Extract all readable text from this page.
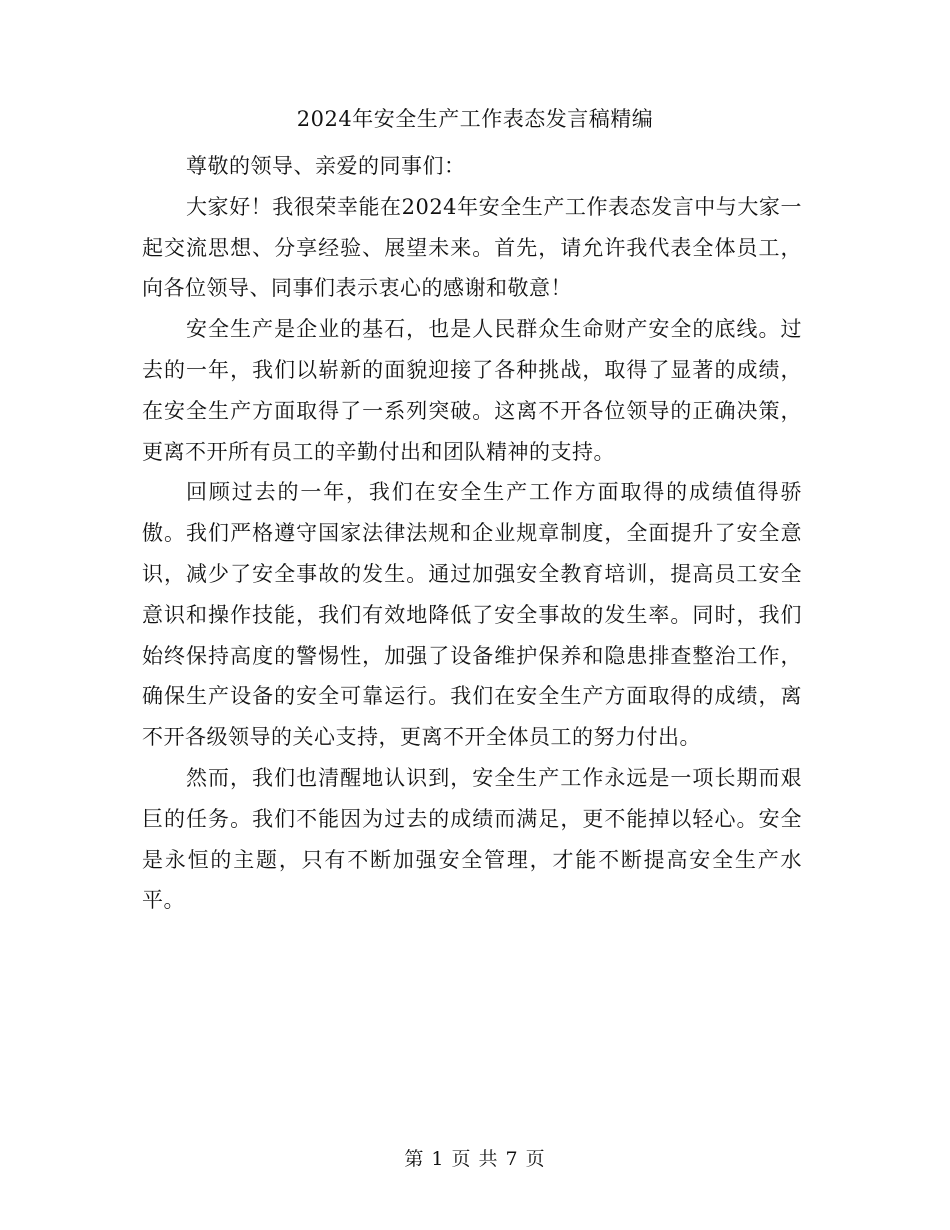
2024年安全生产工作表态发言稿精编

尊敬的领导、亲爱的同事们：

大家好！我很荣幸能在2024年安全生产工作表态发言中与大家一起交流思想、分享经验、展望未来。首先，请允许我代表全体员工，向各位领导、同事们表示衷心的感谢和敬意！

安全生产是企业的基石，也是人民群众生命财产安全的底线。过去的一年，我们以崭新的面貌迎接了各种挑战，取得了显著的成绩，在安全生产方面取得了一系列突破。这离不开各位领导的正确决策，更离不开所有员工的辛勤付出和团队精神的支持。

回顾过去的一年，我们在安全生产工作方面取得的成绩值得骄傲。我们严格遵守国家法律法规和企业规章制度，全面提升了安全意识，减少了安全事故的发生。通过加强安全教育培训，提高员工安全意识和操作技能，我们有效地降低了安全事故的发生率。同时，我们始终保持高度的警惕性，加强了设备维护保养和隐患排查整治工作，确保生产设备的安全可靠运行。我们在安全生产方面取得的成绩，离不开各级领导的关心支持，更离不开全体员工的努力付出。

然而，我们也清醒地认识到，安全生产工作永远是一项长期而艰巨的任务。我们不能因为过去的成绩而满足，更不能掉以轻心。安全是永恒的主题，只有不断加强安全管理，才能不断提高安全生产水平。

第 1 页 共 7 页
